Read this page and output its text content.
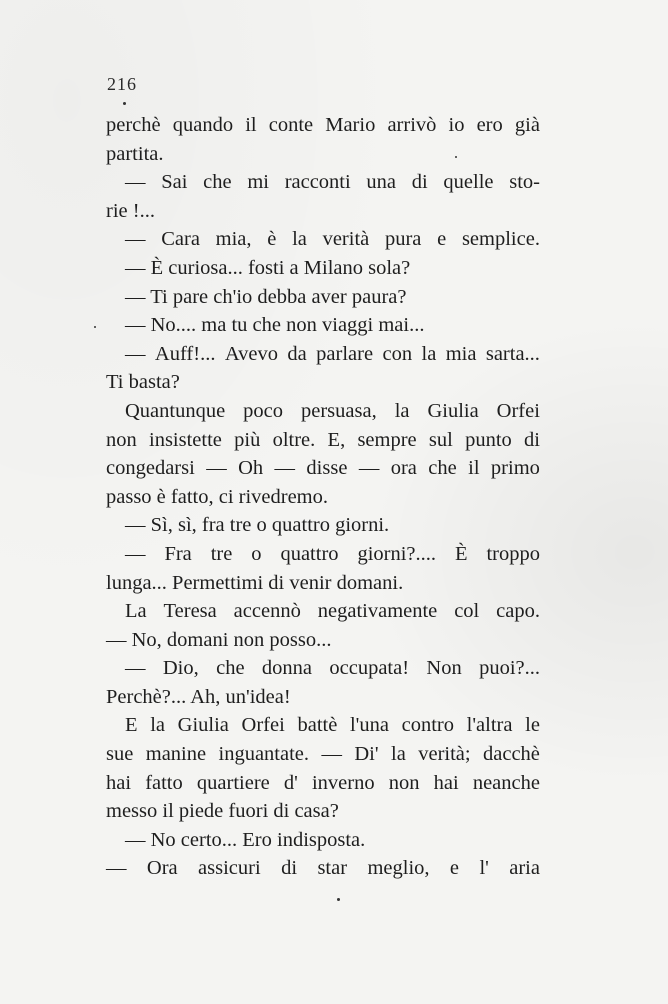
216
perchè quando il conte Mario arrivò io ero già
partita.
— Sai che mi racconti una di quelle sto-
rie !...
— Cara mia, è la verità pura e semplice.
— È curiosa... fosti a Milano sola?
— Ti pare ch'io debba aver paura?
— No.... ma tu che non viaggi mai...
— Auff!... Avevo da parlare con la mia sarta...
Ti basta?
Quantunque poco persuasa, la Giulia Orfei
non insistette più oltre. E, sempre sul punto di
congedarsi — Oh — disse — ora che il primo
passo è fatto, ci rivedremo.
— Sì, sì, fra tre o quattro giorni.
— Fra tre o quattro giorni?.... È troppo
lunga... Permettimi di venir domani.
La Teresa accennò negativamente col capo.
— No, domani non posso...
— Dio, che donna occupata! Non puoi?...
Perchè?... Ah, un'idea!
E la Giulia Orfei battè l'una contro l'altra le
sue manine inguantate. — Di' la verità; dacchè
hai fatto quartiere d' inverno non hai neanche
messo il piede fuori di casa?
— No certo... Ero indisposta.
— Ora assicuri di star meglio, e l' aria
